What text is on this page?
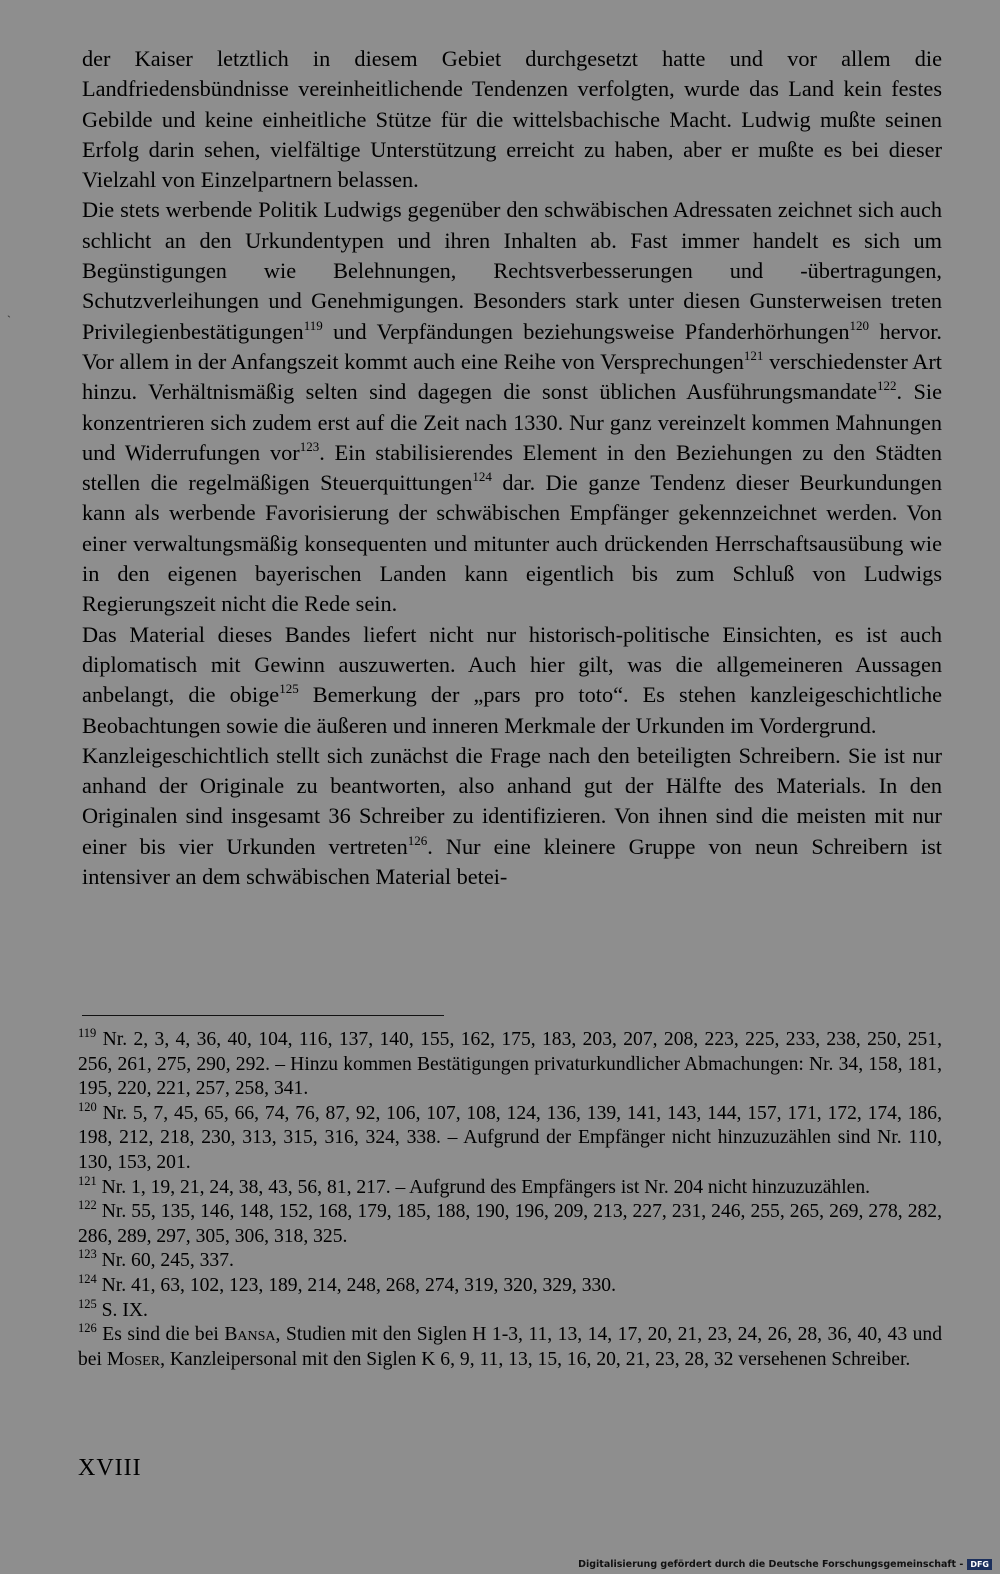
`

der Kaiser letztlich in diesem Gebiet durchgesetzt hatte und vor allem die Landfriedensbündnisse vereinheitlichende Tendenzen verfolgten, wurde das Land kein festes Gebilde und keine einheitliche Stütze für die wittelsbachische Macht. Ludwig mußte seinen Erfolg darin sehen, vielfältige Unterstützung erreicht zu haben, aber er mußte es bei dieser Vielzahl von Einzelpartnern belassen.

Die stets werbende Politik Ludwigs gegenüber den schwäbischen Adressaten zeichnet sich auch schlicht an den Urkundentypen und ihren Inhalten ab. Fast immer handelt es sich um Begünstigungen wie Belehnungen, Rechtsverbesserungen und -übertragungen, Schutzverleihungen und Genehmigungen. Besonders stark unter diesen Gunsterweisen treten Privilegienbestätigungen$^{119}$ und Verpfändungen beziehungsweise Pfanderhörhungen$^{120}$ hervor. Vor allem in der Anfangszeit kommt auch eine Reihe von Versprechungen$^{121}$ verschiedenster Art hinzu. Verhältnismäßig selten sind dagegen die sonst üblichen Ausführungsmandate$^{122}$. Sie konzentrieren sich zudem erst auf die Zeit nach 1330. Nur ganz vereinzelt kommen Mahnungen und Widerrufungen vor$^{123}$. Ein stabilisierendes Element in den Beziehungen zu den Städten stellen die regelmäßigen Steuerquittungen$^{124}$ dar. Die ganze Tendenz dieser Beurkundungen kann als werbende Favorisierung der schwäbischen Empfänger gekennzeichnet werden. Von einer verwaltungsmäßig konsequenten und mitunter auch drückenden Herrschaftsausübung wie in den eigenen bayerischen Landen kann eigentlich bis zum Schluß von Ludwigs Regierungszeit nicht die Rede sein.

Das Material dieses Bandes liefert nicht nur historisch-politische Einsichten, es ist auch diplomatisch mit Gewinn auszuwerten. Auch hier gilt, was die allgemeineren Aussagen anbelangt, die obige$^{125}$ Bemerkung der „pars pro toto“. Es stehen kanzleigeschichtliche Beobachtungen sowie die äußeren und inneren Merkmale der Urkunden im Vordergrund.

Kanzleigeschichtlich stellt sich zunächst die Frage nach den beteiligten Schreibern. Sie ist nur anhand der Originale zu beantworten, also anhand gut der Hälfte des Materials. In den Originalen sind insgesamt 36 Schreiber zu identifizieren. Von ihnen sind die meisten mit nur einer bis vier Urkunden vertreten$^{126}$. Nur eine kleinere Gruppe von neun Schreibern ist intensiver an dem schwäbischen Material betei-

$^{119}$ Nr. 2, 3, 4, 36, 40, 104, 116, 137, 140, 155, 162, 175, 183, 203, 207, 208, 223, 225, 233, 238, 250, 251, 256, 261, 275, 290, 292. – Hinzu kommen Bestätigungen privaturkundlicher Abmachungen: Nr. 34, 158, 181, 195, 220, 221, 257, 258, 341.

$^{120}$ Nr. 5, 7, 45, 65, 66, 74, 76, 87, 92, 106, 107, 108, 124, 136, 139, 141, 143, 144, 157, 171, 172, 174, 186, 198, 212, 218, 230, 313, 315, 316, 324, 338. – Aufgrund der Empfänger nicht hinzuzuzählen sind Nr. 110, 130, 153, 201.

$^{121}$ Nr. 1, 19, 21, 24, 38, 43, 56, 81, 217. – Aufgrund des Empfängers ist Nr. 204 nicht hinzuzuzählen.

$^{122}$ Nr. 55, 135, 146, 148, 152, 168, 179, 185, 188, 190, 196, 209, 213, 227, 231, 246, 255, 265, 269, 278, 282, 286, 289, 297, 305, 306, 318, 325.

$^{123}$ Nr. 60, 245, 337.

$^{124}$ Nr. 41, 63, 102, 123, 189, 214, 248, 268, 274, 319, 320, 329, 330.

$^{125}$ S. IX.

$^{126}$ Es sind die bei Bansa, Studien mit den Siglen H 1-3, 11, 13, 14, 17, 20, 21, 23, 24, 26, 28, 36, 40, 43 und bei Moser, Kanzleipersonal mit den Siglen K 6, 9, 11, 13, 15, 16, 20, 21, 23, 28, 32 versehenen Schreiber.

XVIII
Digitalisierung gefördert durch die Deutsche Forschungsgemeinschaft - DFG
